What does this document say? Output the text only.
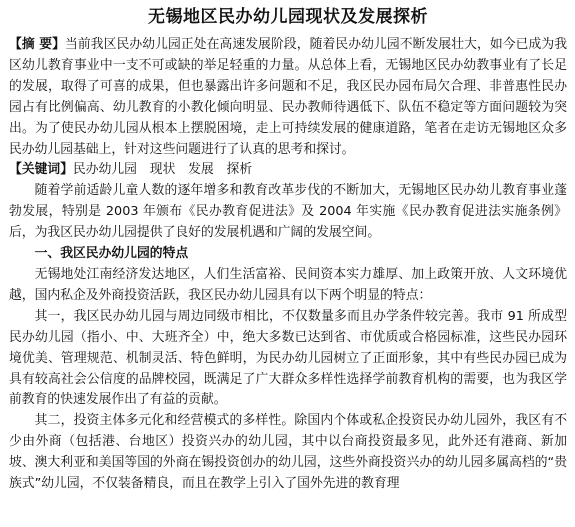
无锡地区民办幼儿园现状及发展探析

【摘 要】当前我区民办幼儿园正处在高速发展阶段，随着民办幼儿园不断发展壮大，如今已成为我区幼儿教育事业中一支不可或缺的举足轻重的力量。从总体上看，无锡地区民办幼教事业有了长足的发展，取得了可喜的成果，但也暴露出许多问题和不足，我区民办园布局欠合理、非普惠性民办园占有比例偏高、幼儿教育的小教化倾向明显、民办教师待遇低下、队伍不稳定等方面问题较为突出。为了使民办幼儿园从根本上摆脱困境，走上可持续发展的健康道路，笔者在走访无锡地区众多民办幼儿园基础上，针对这些问题进行了认真的思考和探讨。

【关键词】民办幼儿园　现状　发展　探析

随着学前适龄儿童人数的逐年增多和教育改革步伐的不断加大，无锡地区民办幼儿教育事业蓬勃发展，特别是 2003 年颁布《民办教育促进法》及 2004 年实施《民办教育促进法实施条例》后，为我区民办幼儿园提供了良好的发展机遇和广阔的发展空间。

一、我区民办幼儿园的特点

无锡地处江南经济发达地区，人们生活富裕、民间资本实力雄厚、加上政策开放、人文环境优越，国内私企及外商投资活跃，我区民办幼儿园具有以下两个明显的特点：

其一，我区民办幼儿园与周边同级市相比，不仅数量多而且办学条件较完善。我市 91 所成型民办幼儿园（指小、中、大班齐全）中，绝大多数已达到省、市优质或合格园标准，这些民办园环境优美、管理规范、机制灵活、特色鲜明，为民办幼儿园树立了正面形象，其中有些民办园已成为具有较高社会公信度的品牌校园，既满足了广大群众多样性选择学前教育机构的需要，也为我区学前教育的快速发展作出了有益的贡献。

其二，投资主体多元化和经营模式的多样性。除国内个体或私企投资民办幼儿园外，我区有不少由外商（包括港、台地区）投资兴办的幼儿园，其中以台商投资最多见，此外还有港商、新加坡、澳大利亚和美国等国的外商在锡投资创办的幼儿园，这些外商投资兴办的幼儿园多属高档的“贵族式”幼儿园，不仅装备精良，而且在教学上引入了国外先进的教育理
